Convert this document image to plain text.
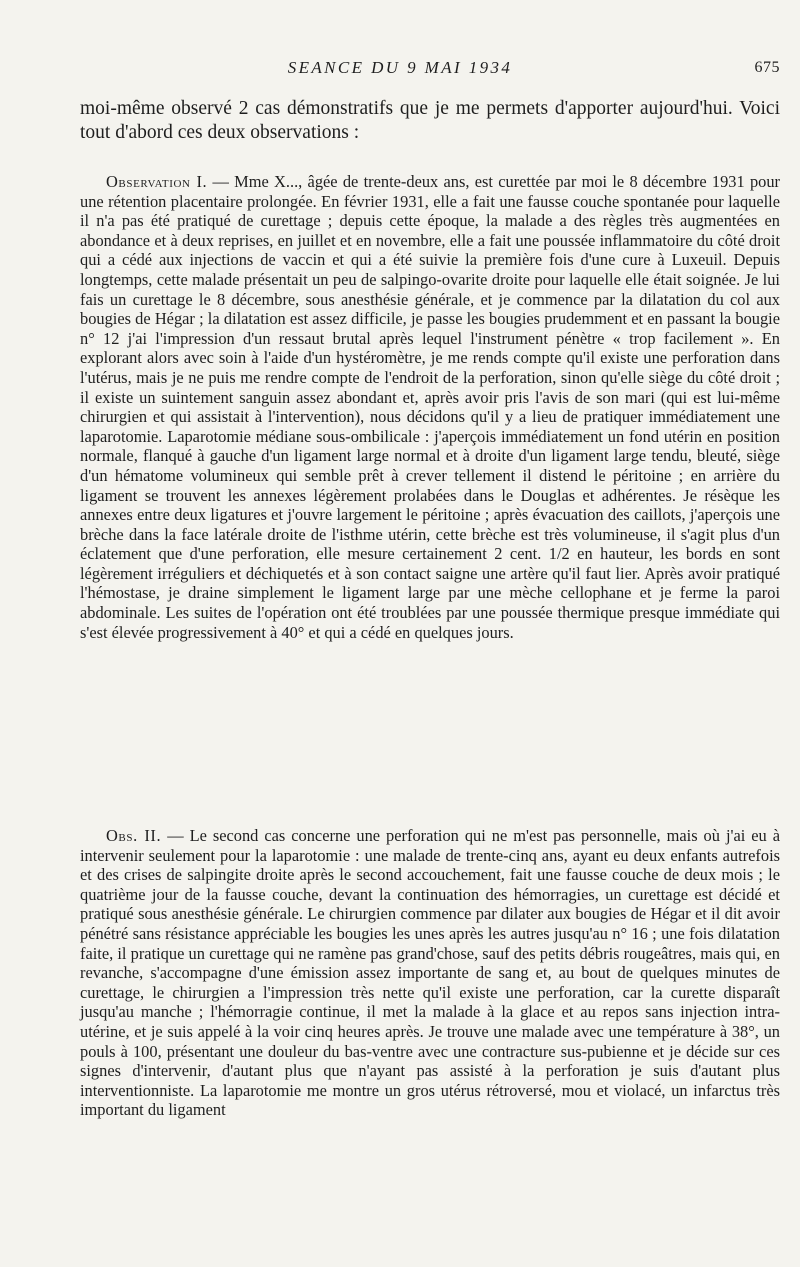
SEANCE DU 9 MAI 1934	675

moi-même observé 2 cas démonstratifs que je me permets d'apporter aujourd'hui. Voici tout d'abord ces deux observations :

Observation I. — Mme X..., âgée de trente-deux ans, est curettée par moi le 8 décembre 1931 pour une rétention placentaire prolongée. En février 1931, elle a fait une fausse couche spontanée pour laquelle il n'a pas été pratiqué de curettage ; depuis cette époque, la malade a des règles très augmentées en abondance et à deux reprises, en juillet et en novembre, elle a fait une poussée inflammatoire du côté droit qui a cédé aux injections de vaccin et qui a été suivie la première fois d'une cure à Luxeuil. Depuis longtemps, cette malade présentait un peu de salpingo-ovarite droite pour laquelle elle était soignée. Je lui fais un curettage le 8 décembre, sous anesthésie générale, et je commence par la dilatation du col aux bougies de Hégar ; la dilatation est assez difficile, je passe les bougies prudemment et en passant la bougie n° 12 j'ai l'impression d'un ressaut brutal après lequel l'instrument pénètre « trop facilement ». En explorant alors avec soin à l'aide d'un hystéromètre, je me rends compte qu'il existe une perforation dans l'utérus, mais je ne puis me rendre compte de l'endroit de la perforation, sinon qu'elle siège du côté droit ; il existe un suintement sanguin assez abondant et, après avoir pris l'avis de son mari (qui est lui-même chirurgien et qui assistait à l'intervention), nous décidons qu'il y a lieu de pratiquer immédiatement une laparotomie. Laparotomie médiane sous-ombilicale : j'aperçois immédiatement un fond utérin en position normale, flanqué à gauche d'un ligament large normal et à droite d'un ligament large tendu, bleuté, siège d'un hématome volumineux qui semble prêt à crever tellement il distend le péritoine ; en arrière du ligament se trouvent les annexes légèrement prolabées dans le Douglas et adhérentes. Je résèque les annexes entre deux ligatures et j'ouvre largement le péritoine ; après évacuation des caillots, j'aperçois une brèche dans la face latérale droite de l'isthme utérin, cette brèche est très volumineuse, il s'agit plus d'un éclatement que d'une perforation, elle mesure certainement 2 cent. 1/2 en hauteur, les bords en sont légèrement irréguliers et déchiquetés et à son contact saigne une artère qu'il faut lier. Après avoir pratiqué l'hémostase, je draine simplement le ligament large par une mèche cellophane et je ferme la paroi abdominale. Les suites de l'opération ont été troublées par une poussée thermique presque immédiate qui s'est élevée progressivement à 40° et qui a cédé en quelques jours.

Obs. II. — Le second cas concerne une perforation qui ne m'est pas personnelle, mais où j'ai eu à intervenir seulement pour la laparotomie : une malade de trente-cinq ans, ayant eu deux enfants autrefois et des crises de salpingite droite après le second accouchement, fait une fausse couche de deux mois ; le quatrième jour de la fausse couche, devant la continuation des hémorragies, un curettage est décidé et pratiqué sous anesthésie générale. Le chirurgien commence par dilater aux bougies de Hégar et il dit avoir pénétré sans résistance appréciable les bougies les unes après les autres jusqu'au n° 16 ; une fois dilatation faite, il pratique un curettage qui ne ramène pas grand'chose, sauf des petits débris rougeâtres, mais qui, en revanche, s'accompagne d'une émission assez importante de sang et, au bout de quelques minutes de curettage, le chirurgien a l'impression très nette qu'il existe une perforation, car la curette disparaît jusqu'au manche ; l'hémorragie continue, il met la malade à la glace et au repos sans injection intra-utérine, et je suis appelé à la voir cinq heures après. Je trouve une malade avec une température à 38°, un pouls à 100, présentant une douleur du bas-ventre avec une contracture sus-pubienne et je décide sur ces signes d'intervenir, d'autant plus que n'ayant pas assisté à la perforation je suis d'autant plus interventionniste. La laparotomie me montre un gros utérus rétroversé, mou et violacé, un infarctus très important du ligament
